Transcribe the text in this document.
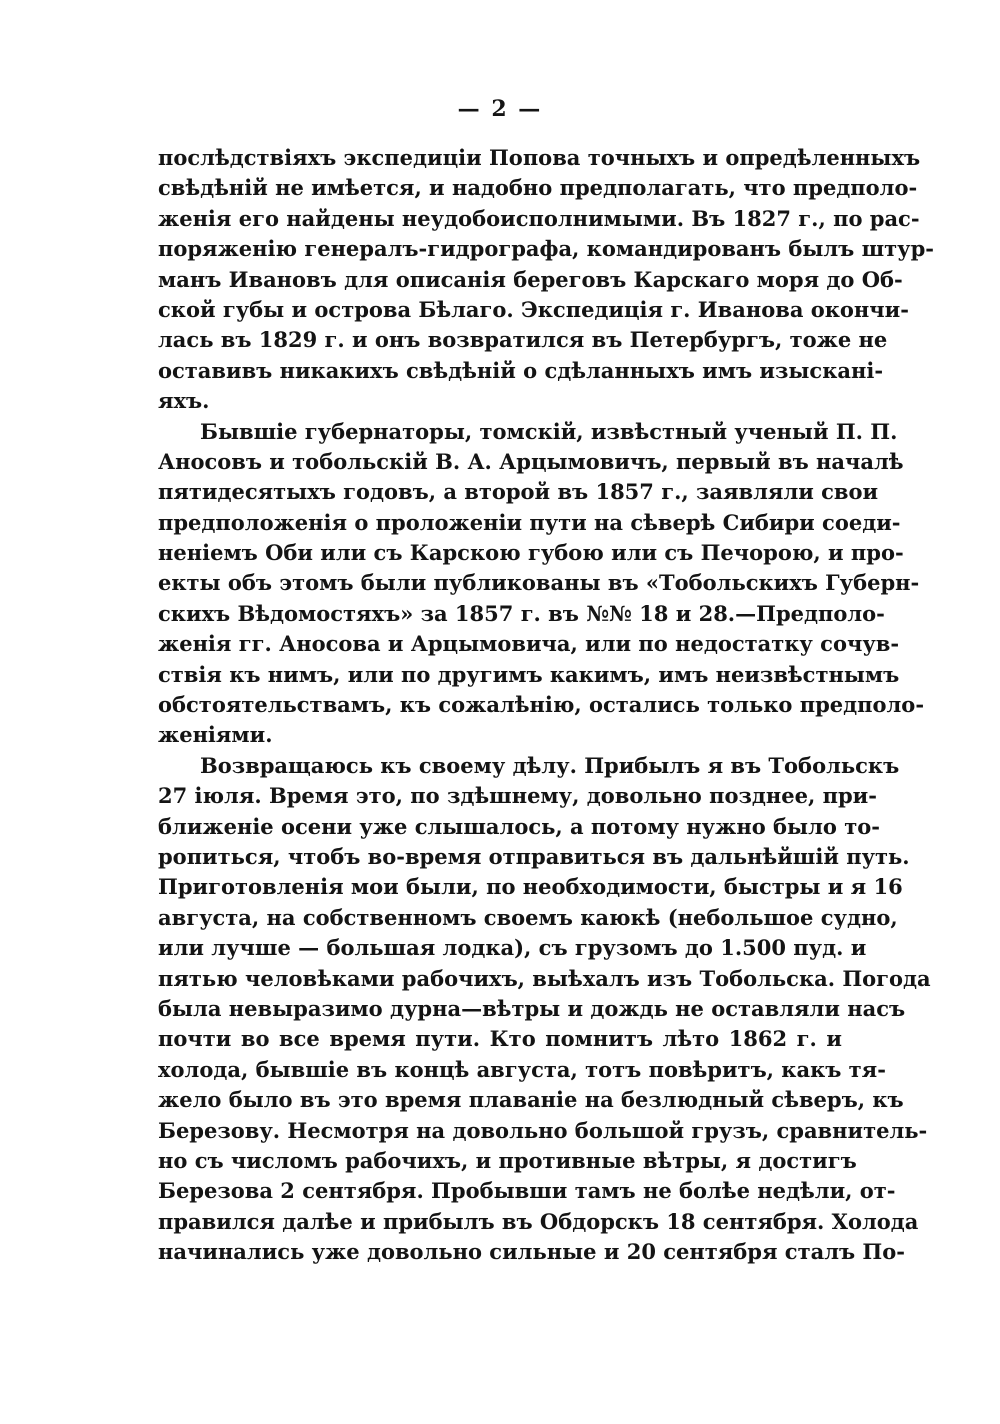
— 2 —
послѣдствіяхъ экспедиціи Попова точныхъ и опредѣленныхъ
свѣдѣній не имѣется, и надобно предполагать, что предполо-
женія его найдены неудобоисполнимыми. Въ 1827 г., по рас-
поряженію генералъ-гидрографа, командированъ былъ штур-
манъ Ивановъ для описанія береговъ Карскаго моря до Об-
ской губы и острова Бѣлаго. Экспедиція г. Иванова окончи-
лась въ 1829 г. и онъ возвратился въ Петербургъ, тоже не
оставивъ никакихъ свѣдѣній о сдѣланныхъ имъ изысканi-
яхъ.
Бывшіе губернаторы, томскій, извѣстный ученый П. П.
Аносовъ и тобольскій В. А. Арцымовичъ, первый въ началѣ
пятидесятыхъ годовъ, а второй въ 1857 г., заявляли свои
предположенія о проложеніи пути на сѣверѣ Сибири соеди-
неніемъ Оби или съ Карскою губою или съ Печорою, и про-
екты объ этомъ были публикованы въ «Тобольскихъ Губерн-
скихъ Вѣдомостяхъ» за 1857 г. въ №№ 18 и 28.—Предполо-
женія гг. Аносова и Арцымовича, или по недостатку сочув-
ствія къ нимъ, или по другимъ какимъ, имъ неизвѣстнымъ
обстоятельствамъ, къ сожалѣнію, остались только предполо-
женіями.
Возвращаюсь къ своему дѣлу. Прибылъ я въ Тобольскъ
27 іюля. Время это, по здѣшнему, довольно позднее, при-
ближеніе осени уже слышалось, а потому нужно было то-
ропиться, чтобъ во-время отправиться въ дальнѣйшій путь.
Приготовленія мои были, по необходимости, быстры и я 16
августа, на собственномъ своемъ каюкѣ (небольшое судно,
или лучше — большая лодка), съ грузомъ до 1.500 пуд. и
пятью человѣками рабочихъ, выѣхалъ изъ Тобольска. Погода
была невыразимо дурна—вѣтры и дождь не оставляли насъ
почти во все время пути. Кто помнитъ лѣто 1862 г. и
холода, бывшіе въ концѣ августа, тотъ повѣритъ, какъ тя-
жело было въ это время плаваніе на безлюдный сѣверъ, къ
Березову. Несмотря на довольно большой грузъ, сравнитель-
но съ числомъ рабочихъ, и противные вѣтры, я достигъ
Березова 2 сентября. Пробывши тамъ не болѣе недѣли, от-
правился далѣе и прибылъ въ Обдорскъ 18 сентября. Холода
начинались уже довольно сильные и 20 сентября сталъ По-
